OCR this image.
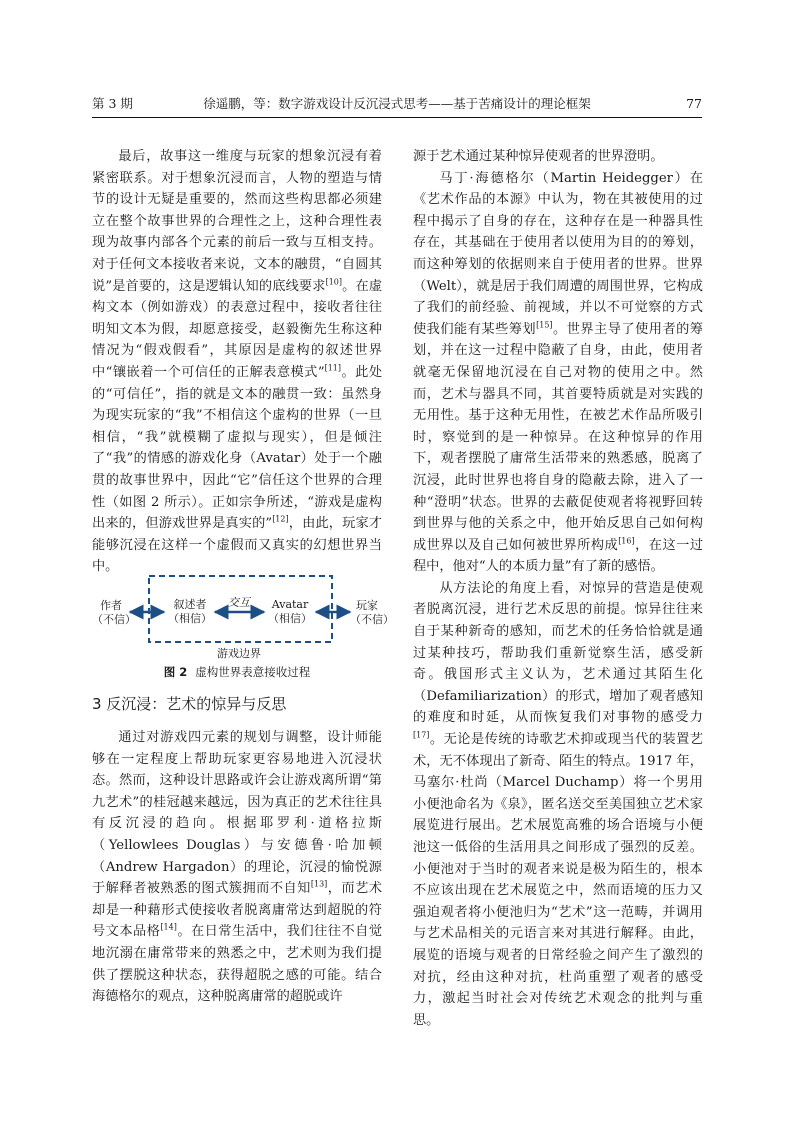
第 3 期	徐遥鹏，等：数字游戏设计反沉浸式思考——基于苦痛设计的理论框架	77

最后，故事这一维度与玩家的想象沉浸有着紧密联系。对于想象沉浸而言，人物的塑造与情节的设计无疑是重要的，然而这些构思都必须建立在整个故事世界的合理性之上，这种合理性表现为故事内部各个元素的前后一致与互相支持。对于任何文本接收者来说，文本的融贯，“自圆其说”是首要的，这是逻辑认知的底线要求[10]。在虚构文本（例如游戏）的表意过程中，接收者往往明知文本为假，却愿意接受，赵毅衡先生称这种情况为“假戏假看”，其原因是虚构的叙述世界中“镶嵌着一个可信任的正解表意模式”[11]。此处的“可信任”，指的就是文本的融贯一致：虽然身为现实玩家的“我”不相信这个虚构的世界（一旦相信，“我”就模糊了虚拟与现实），但是倾注了“我”的情感的游戏化身（Avatar）处于一个融贯的故事世界中，因此“它”信任这个世界的合理性（如图 2 所示）。正如宗争所述，“游戏是虚构出来的，但游戏世界是真实的”[12]，由此，玩家才能够沉浸在这样一个虚假而又真实的幻想世界当中。

作者
（不信）
叙述者
（相信）
交互	Avatar
（相信）
玩家
（不信）
游戏边界
图 2 虚构世界表意接收过程
3 反沉浸：艺术的惊异与反思

通过对游戏四元素的规划与调整，设计师能够在一定程度上帮助玩家更容易地进入沉浸状态。然而，这种设计思路或许会让游戏离所谓“第九艺术”的桂冠越来越远，因为真正的艺术往往具有反沉浸的趋向。根据耶罗利·道格拉斯（Yellowlees Douglas）与安德鲁·哈加顿（Andrew Hargadon）的理论，沉浸的愉悦源于解释者被熟悉的图式簇拥而不自知[13]，而艺术却是一种藉形式使接收者脱离庸常达到超脱的符号文本品格[14]。在日常生活中，我们往往不自觉地沉溺在庸常带来的熟悉之中，艺术则为我们提供了摆脱这种状态，获得超脱之感的可能。结合海德格尔的观点，这种脱离庸常的超脱或许

源于艺术通过某种惊异使观者的世界澄明。

马丁·海德格尔（Martin Heidegger）在《艺术作品的本源》中认为，物在其被使用的过程中揭示了自身的存在，这种存在是一种器具性存在，其基础在于使用者以使用为目的的筹划，而这种筹划的依据则来自于使用者的世界。世界（Welt），就是居于我们周遭的周围世界，它构成了我们的前经验、前视域，并以不可觉察的方式使我们能有某些筹划[15]。世界主导了使用者的筹划，并在这一过程中隐蔽了自身，由此，使用者就毫无保留地沉浸在自己对物的使用之中。然而，艺术与器具不同，其首要特质就是对实践的无用性。基于这种无用性，在被艺术作品所吸引时，察觉到的是一种惊异。在这种惊异的作用下，观者摆脱了庸常生活带来的熟悉感，脱离了沉浸，此时世界也将自身的隐蔽去除，进入了一种“澄明”状态。世界的去蔽促使观者将视野回转到世界与他的关系之中，他开始反思自己如何构成世界以及自己如何被世界所构成[16]，在这一过程中，他对“人的本质力量”有了新的感悟。

从方法论的角度上看，对惊异的营造是使观者脱离沉浸，进行艺术反思的前提。惊异往往来自于某种新奇的感知，而艺术的任务恰恰就是通过某种技巧，帮助我们重新觉察生活，感受新奇。俄国形式主义认为，艺术通过其陌生化（Defamiliarization）的形式，增加了观者感知的难度和时延，从而恢复我们对事物的感受力[17]。无论是传统的诗歌艺术抑或现当代的装置艺术，无不体现出了新奇、陌生的特点。1917 年，马塞尔·杜尚（Marcel Duchamp）将一个男用小便池命名为《泉》，匿名送交至美国独立艺术家展览进行展出。艺术展览高雅的场合语境与小便池这一低俗的生活用具之间形成了强烈的反差。小便池对于当时的观者来说是极为陌生的，根本不应该出现在艺术展览之中，然而语境的压力又强迫观者将小便池归为“艺术”这一范畴，并调用与艺术品相关的元语言来对其进行解释。由此，展览的语境与观者的日常经验之间产生了激烈的对抗，经由这种对抗，杜尚重塑了观者的感受力，激起当时社会对传统艺术观念的批判与重思。
